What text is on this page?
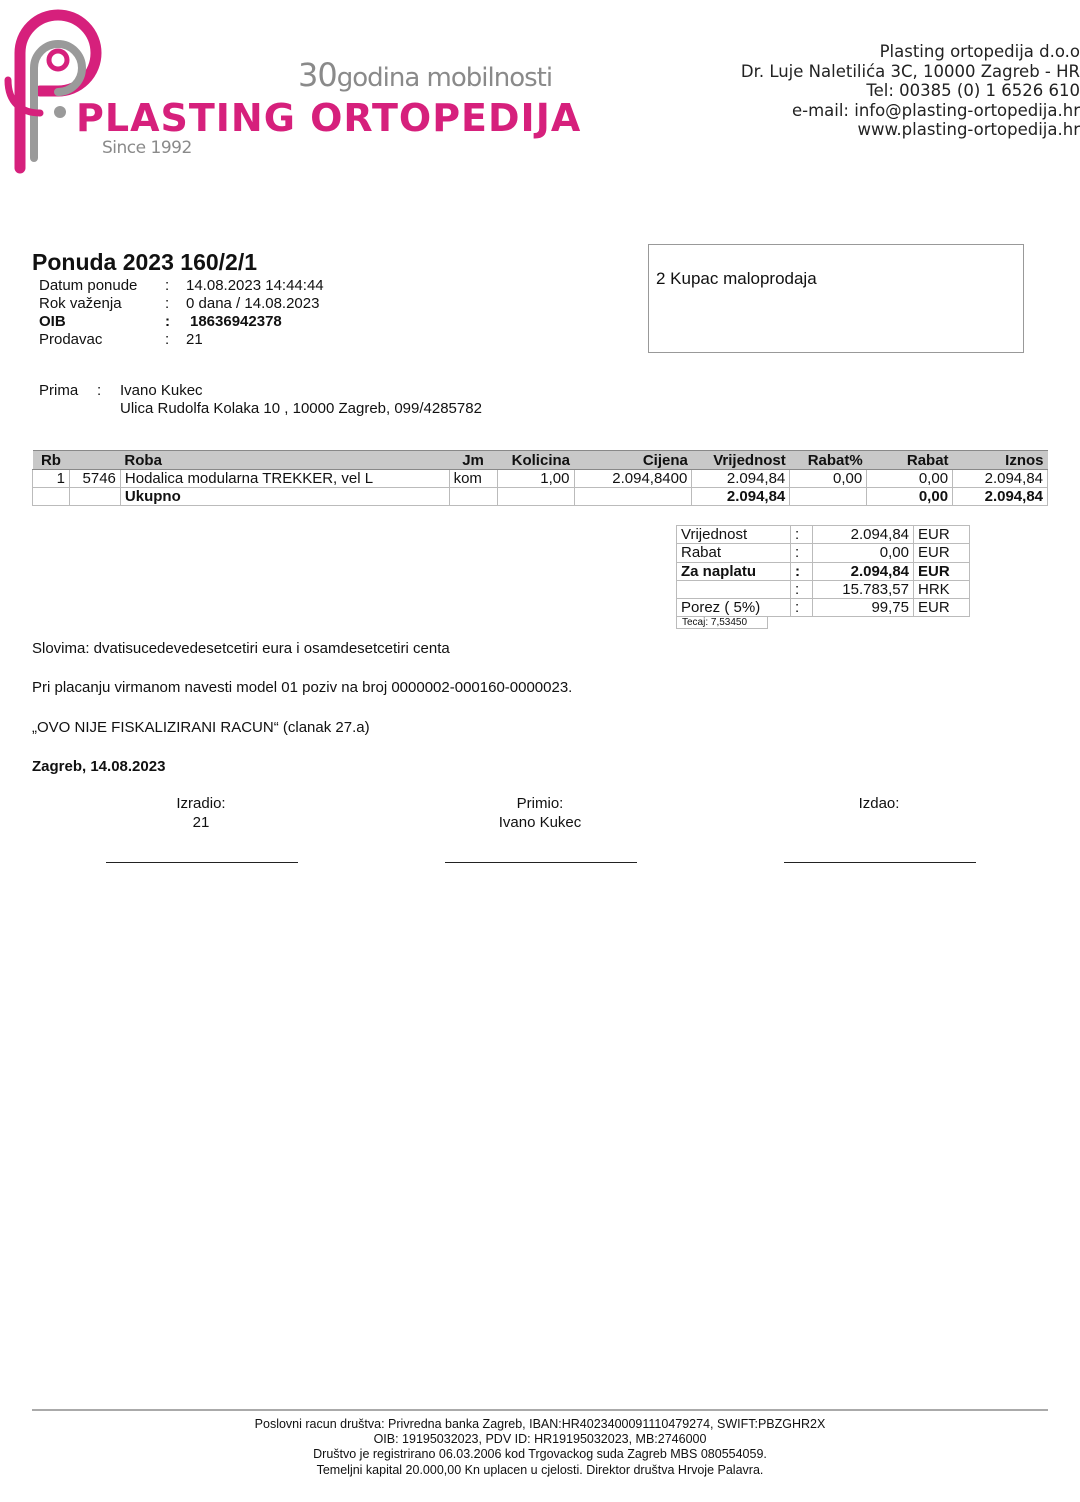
30godina mobilnosti
PLASTING ORTOPEDIJA
Since 1992
Plasting ortopedija d.o.o
Dr. Luje Naletilića 3C, 10000 Zagreb - HR
Tel: 00385 (0) 1 6526 610
e-mail: info@plasting-ortopedija.hr
www.plasting-ortopedija.hr
Ponuda 2023 160/2/1
Datum ponude	:	14.08.2023 14:44:44
Rok važenja	:	0 dana / 14.08.2023
OIB	:	18636942378
Prodavac	:	21
2 Kupac maloprodaja
Prima : Ivano Kukec
Ulica Rudolfa Kolaka 10 , 10000 Zagreb, 099/4285782
Rb		Roba	Jm	Kolicina	Cijena	Vrijednost	Rabat%	Rabat	Iznos
1	5746	Hodalica modularna TREKKER, vel L	kom	1,00	2.094,8400	2.094,84	0,00	0,00	2.094,84
		Ukupno				2.094,84		0,00	2.094,84
Vrijednost	:	2.094,84	EUR
Rabat	:	0,00	EUR
Za naplatu	:	2.094,84	EUR
	:	15.783,57	HRK
Porez ( 5%)	:	99,75	EUR
Tecaj: 7,53450
Slovima: dvatisucedevedesetcetiri eura i osamdesetcetiri centa
Pri placanju virmanom navesti model 01 poziv na broj 0000002-000160-0000023.
„OVO NIJE FISKALIZIRANI RACUN“ (clanak 27.a)
Zagreb, 14.08.2023
Izradio:
21
Primio:
Ivano Kukec
Izdao:
Poslovni racun društva: Privredna banka Zagreb, IBAN:HR4023400091110479274, SWIFT:PBZGHR2X
OIB: 19195032023, PDV ID: HR19195032023, MB:2746000
Društvo je registrirano 06.03.2006 kod Trgovackog suda Zagreb MBS 080554059.
Temeljni kapital 20.000,00 Kn uplacen u cjelosti. Direktor društva Hrvoje Palavra.
